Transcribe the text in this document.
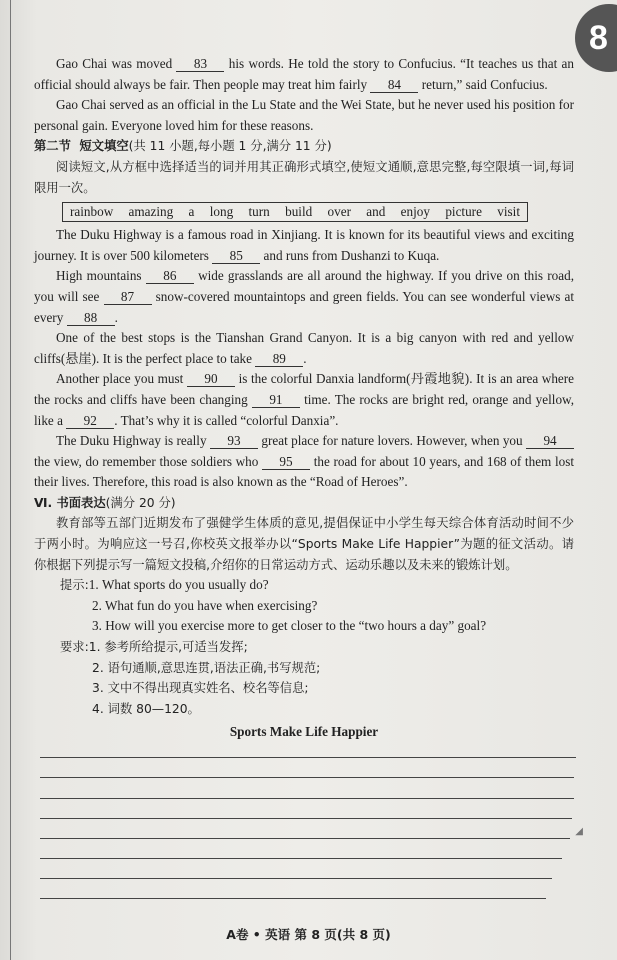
8

Gao Chai was moved 83 his words. He told the story to Confucius. “It teaches us that an official should always be fair. Then people may treat him fairly 84 return,” said Confucius.

Gao Chai served as an official in the Lu State and the Wei State, but he never used his position for personal gain. Everyone loved him for these reasons.

第二节 短文填空(共 11 小题,每小题 1 分,满分 11 分)

阅读短文,从方框中选择适当的词并用其正确形式填空,使短文通顺,意思完整,每空限填一词,每词限用一次。

rainbow amazing a long turn build over and enjoy picture visit

The Duku Highway is a famous road in Xinjiang. It is known for its beautiful views and exciting journey. It is over 500 kilometers 85 and runs from Dushanzi to Kuqa.

High mountains 86 wide grasslands are all around the highway. If you drive on this road, you will see 87 snow-covered mountaintops and green fields. You can see wonderful views at every 88 .

One of the best stops is the Tianshan Grand Canyon. It is a big canyon with red and yellow cliffs(悬崖). It is the perfect place to take 89 .

Another place you must 90 is the colorful Danxia landform(丹霞地貌). It is an area where the rocks and cliffs have been changing 91 time. The rocks are bright red, orange and yellow, like a 92 . That’s why it is called “colorful Danxia”.

The Duku Highway is really 93 great place for nature lovers. However, when you 94 the view, do remember those soldiers who 95 the road for about 10 years, and 168 of them lost their lives. Therefore, this road is also known as the “Road of Heroes”.

Ⅵ. 书面表达(满分 20 分)

教育部等五部门近期发布了强健学生体质的意见,提倡保证中小学生每天综合体育活动时间不少于两小时。为响应这一号召,你校英文报举办以“Sports Make Life Happier”为题的征文活动。请你根据下列提示写一篇短文投稿,介绍你的日常运动方式、运动乐趣以及未来的锻炼计划。

提示:1. What sports do you usually do?

2. What fun do you have when exercising?

3. How will you exercise more to get closer to the “two hours a day” goal?

要求:1. 参考所给提示,可适当发挥;

2. 语句通顺,意思连贯,语法正确,书写规范;

3. 文中不得出现真实姓名、校名等信息;

4. 词数 80—120。

Sports Make Life Happier

◢
A卷 • 英语 第 8 页(共 8 页)
